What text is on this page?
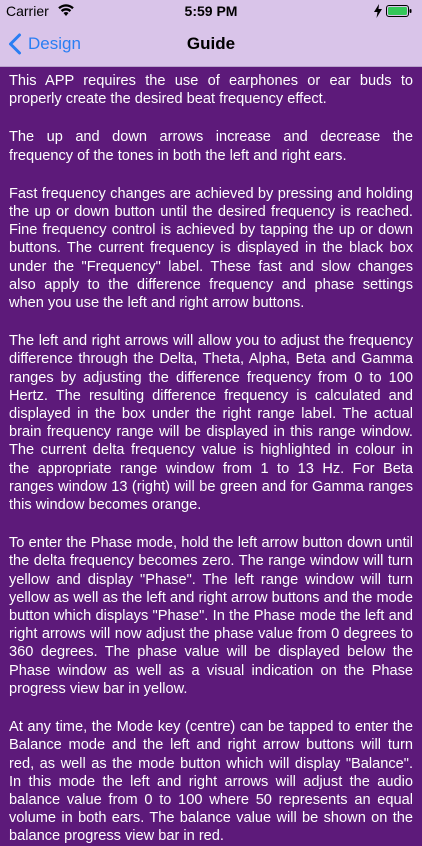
Carrier	5:59 PM
Design	Guide

This APP requires the use of earphones or ear buds to properly create the desired beat frequency effect.

The up and down arrows increase and decrease the frequency of the tones in both the left and right ears.

Fast frequency changes are achieved by pressing and holding the up or down button until the desired frequency is reached. Fine frequency control is achieved by tapping the up or down buttons. The current frequency is displayed in the black box under the "Frequency" label. These fast and slow changes also apply to the difference frequency and phase settings when you use the left and right arrow buttons.

The left and right arrows will allow you to adjust the frequency difference through the Delta, Theta, Alpha, Beta and Gamma ranges by adjusting the difference frequency from 0 to 100 Hertz. The resulting difference frequency is calculated and displayed in the box under the right range label. The actual brain frequency range will be displayed in this range window. The current delta frequency value is highlighted in colour in the appropriate range window from 1 to 13 Hz. For Beta ranges window 13 (right) will be green and for Gamma ranges this window becomes orange.

To enter the Phase mode, hold the left arrow button down until the delta frequency becomes zero. The range window will turn yellow and display "Phase". The left range window will turn yellow as well as the left and right arrow buttons and the mode button which displays "Phase". In the Phase mode the left and right arrows will now adjust the phase value from 0 degrees to 360 degrees. The phase value will be displayed below the Phase window as well as a visual indication on the Phase progress view bar in yellow.

At any time, the Mode key (centre) can be tapped to enter the Balance mode and the left and right arrow buttons will turn red, as well as the mode button which will display "Balance". In this mode the left and right arrows will adjust the audio balance value from 0 to 100 where 50 represents an equal volume in both ears. The balance value will be shown on the balance progress view bar in red.
